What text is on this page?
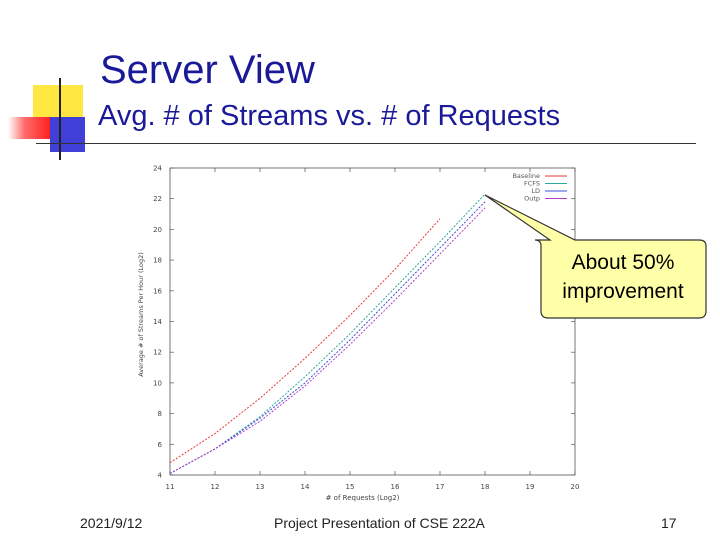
Server View
Avg. # of Streams vs. # of Requests
4
6
8
10
12
14
16
18
20
22
24
11	12	13	14	15	16	17	18	19	20
# of Requests (Log2)
Average # of Streams Per Hour (Log2)
Baseline
FCFS
LD
Outp
About 50% improvement
2021/9/12	Project Presentation of CSE 222A	17
